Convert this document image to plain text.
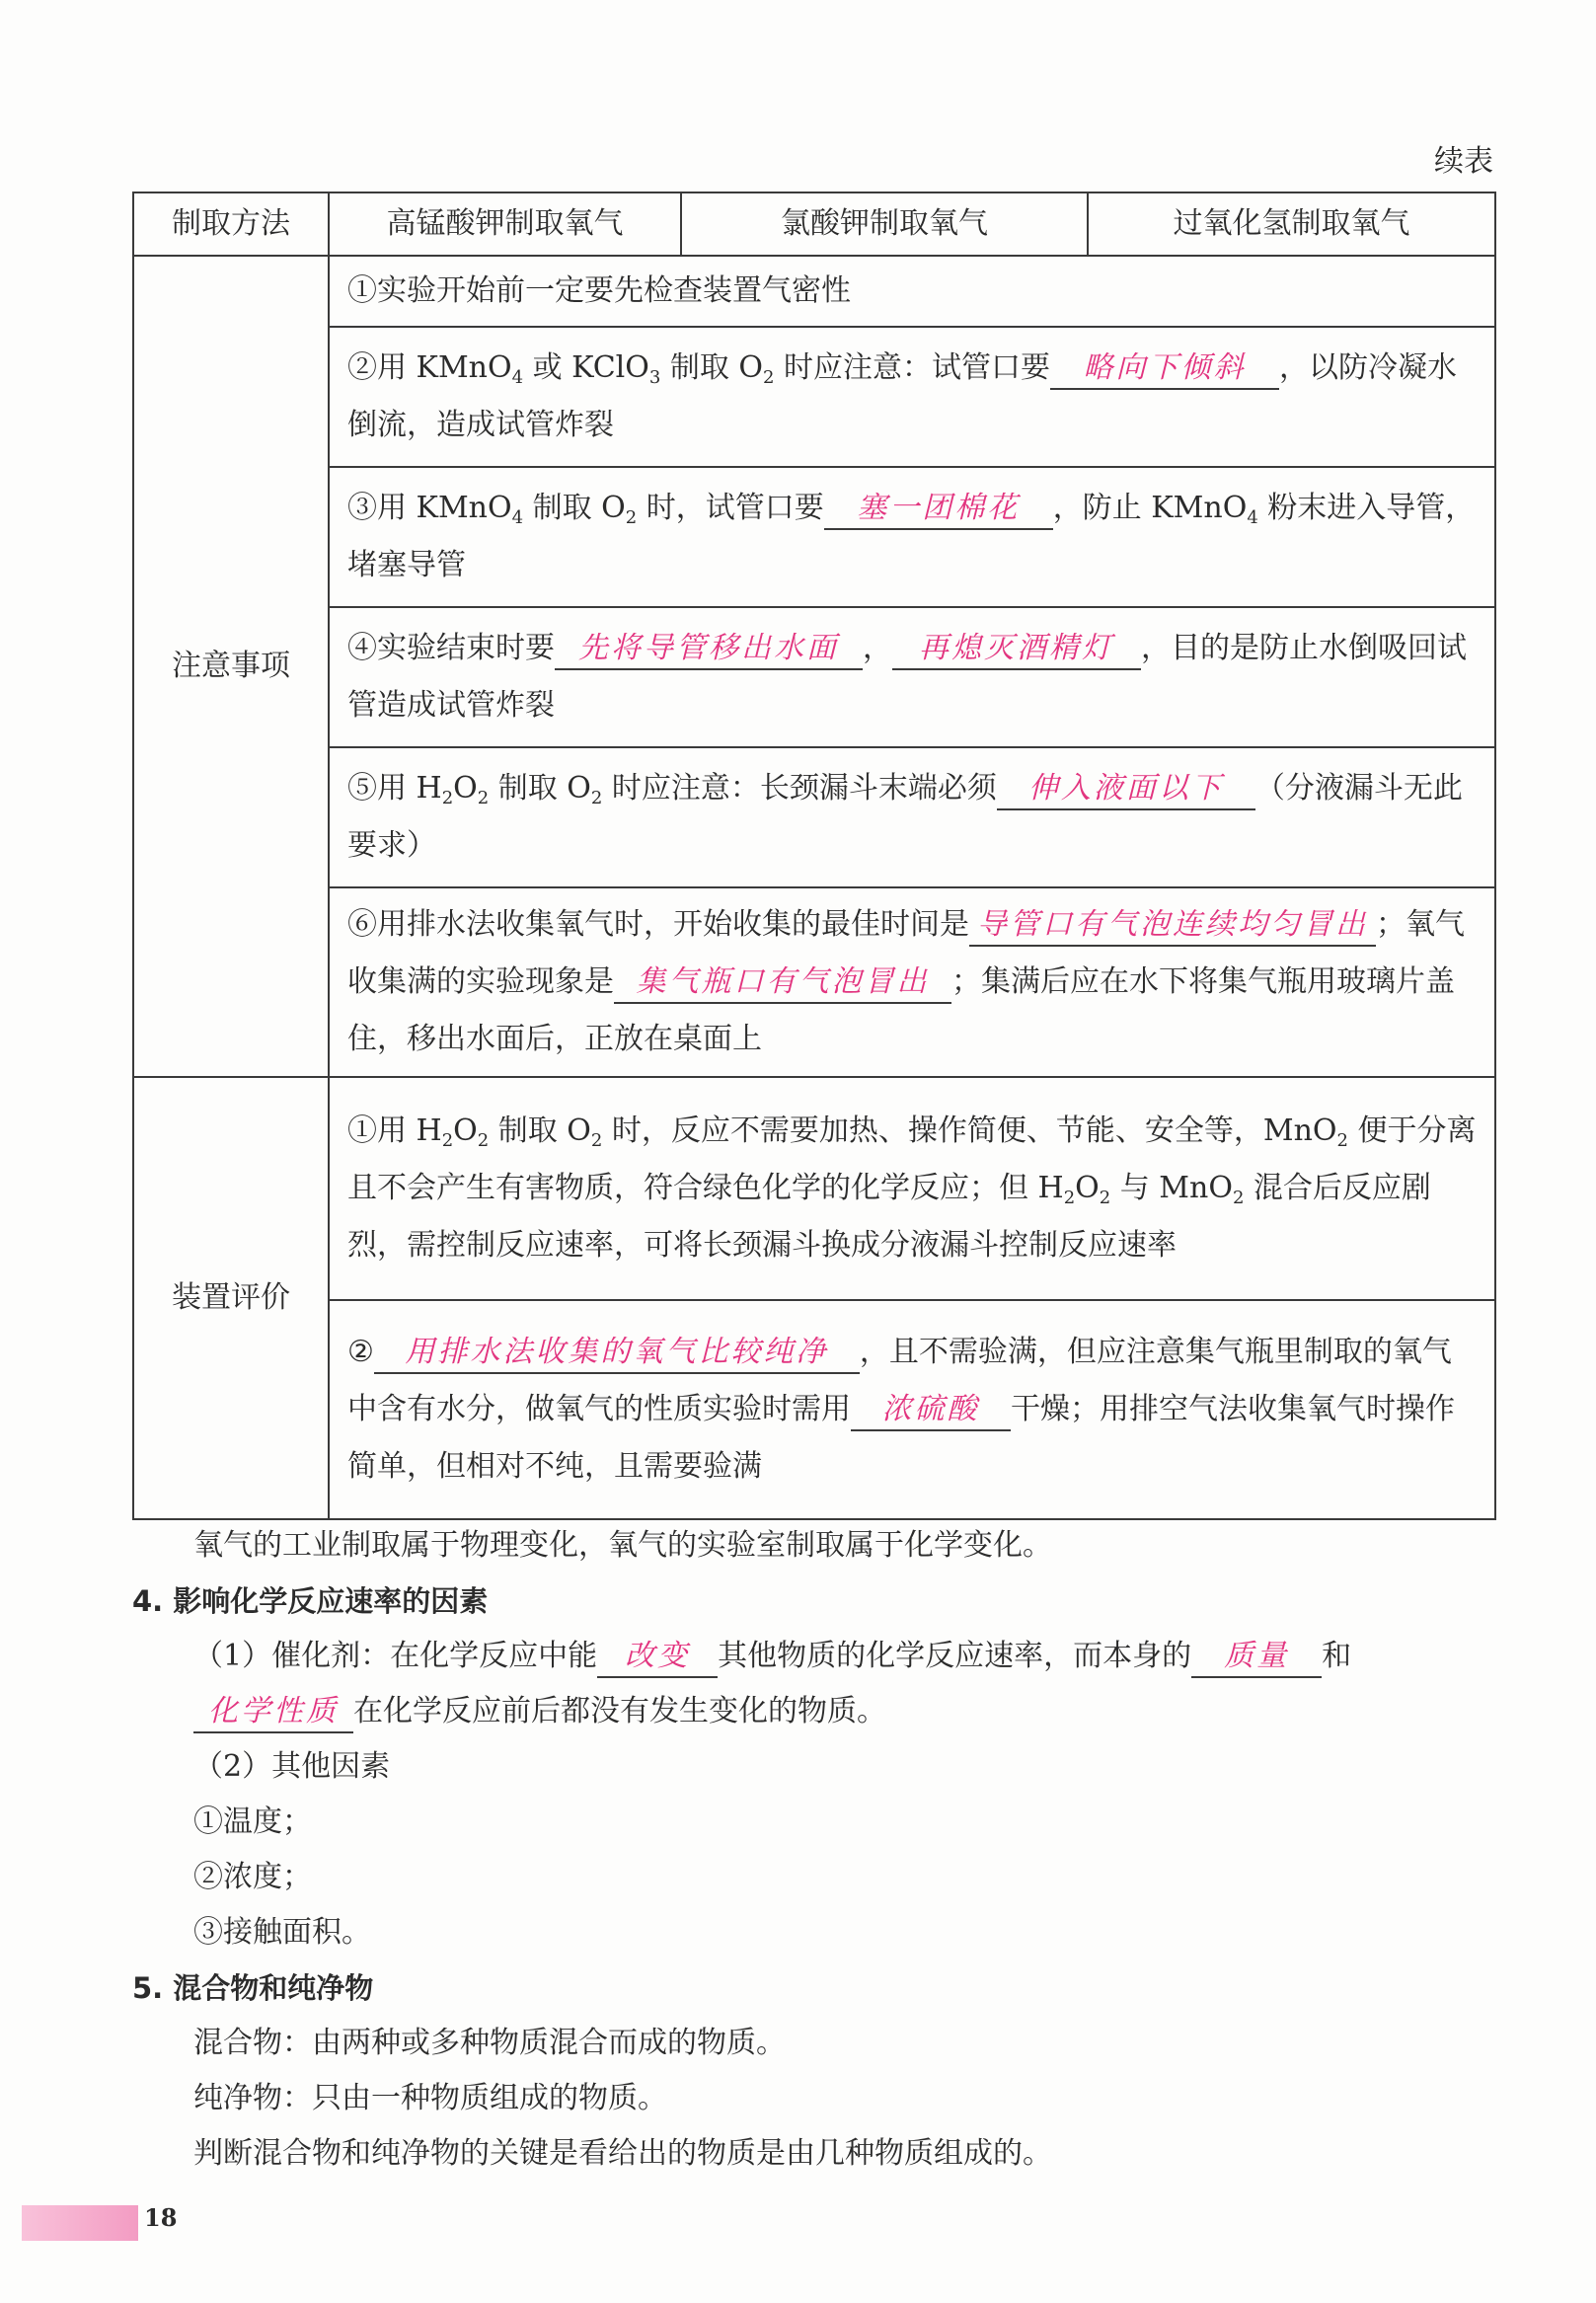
续表
制取方法	高锰酸钾制取氧气	氯酸钾制取氧气	过氧化氢制取氧气
注意事项	①实验开始前一定要先检查装置气密性		
	②用 KMnO$_4$ 或 KClO$_3$ 制取 $O_2$ 时应注意：试管口要 略向下倾斜 ，以防冷凝水倒流，造成试管炸裂		
	③用 KMnO$_4$ 制取 $O_2$ 时，试管口要 塞一团棉花 ，防止 KMnO$_4$ 粉末进入导管，堵塞导管		
	④实验结束时要 先将导管移出水面 ， 再熄灭酒精灯 ，目的是防止水倒吸回试管造成试管炸裂		
	⑤用 $H_2O_2$ 制取 $O_2$ 时应注意：长颈漏斗末端必须 伸入液面以下 （分液漏斗无此要求）		
	⑥用排水法收集氧气时，开始收集的最佳时间是 导管口有气泡连续均匀冒出 ；氧气收集满的实验现象是 集气瓶口有气泡冒出 ；集满后应在水下将集气瓶用玻璃片盖住，移出水面后，正放在桌面上		
装置评价	①用 $H_2O_2$ 制取 $O_2$ 时，反应不需要加热、操作简便、节能、安全等，MnO$_2$ 便于分离且不会产生有害物质，符合绿色化学的化学反应；但 $H_2O_2$ 与 MnO$_2$ 混合后反应剧烈，需控制反应速率，可将长颈漏斗换成分液漏斗控制反应速率		
	② 用排水法收集的氧气比较纯净 ，且不需验满，但应注意集气瓶里制取的氧气中含有水分，做氧气的性质实验时需用 浓硫酸 干燥；用排空气法收集氧气时操作简单，但相对不纯，且需要验满		

氧气的工业制取属于物理变化，氧气的实验室制取属于化学变化。

4. 影响化学反应速率的因素

（1）催化剂：在化学反应中能 改变 其他物质的化学反应速率，而本身的 质量 和化学性质 在化学反应前后都没有发生变化的物质。

（2）其他因素

①温度；

②浓度；

③接触面积。

5. 混合物和纯净物

混合物：由两种或多种物质混合而成的物质。

纯净物：只由一种物质组成的物质。

判断混合物和纯净物的关键是看给出的物质是由几种物质组成的。

18
